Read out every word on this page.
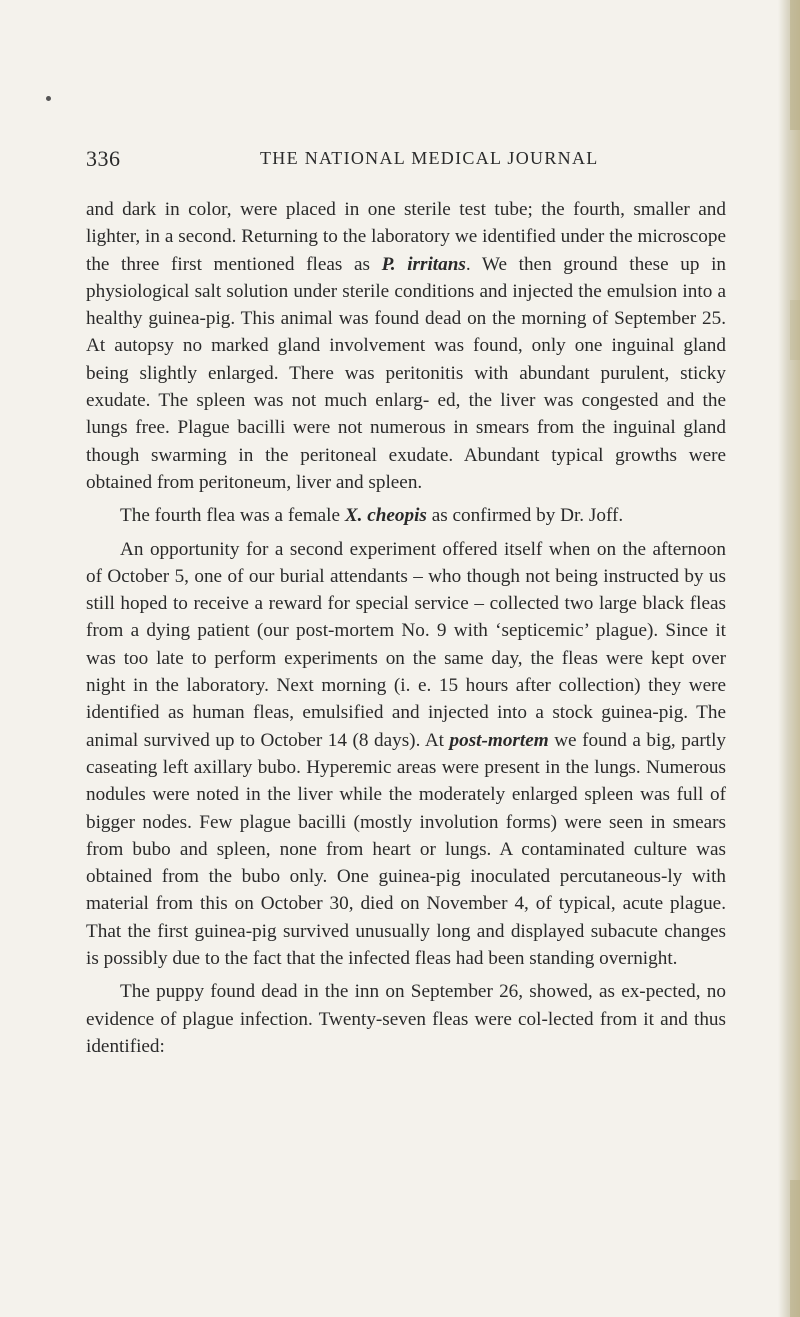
336	THE NATIONAL MEDICAL JOURNAL

and dark in color, were placed in one sterile test tube; the fourth, smaller and lighter, in a second. Returning to the laboratory we identified under the microscope the three first mentioned fleas as P. irritans. We then ground these up in physiological salt solution under sterile conditions and injected the emulsion into a healthy guinea-pig. This animal was found dead on the morning of September 25. At autopsy no marked gland involvement was found, only one inguinal gland being slightly enlarged. There was peritonitis with abundant purulent, sticky exudate. The spleen was not much enlarg- ed, the liver was congested and the lungs free. Plague bacilli were not numerous in smears from the inguinal gland though swarming in the peritoneal exudate. Abundant typical growths were obtained from peritoneum, liver and spleen.

The fourth flea was a female X. cheopis as confirmed by Dr. Joff.

An opportunity for a second experiment offered itself when on the afternoon of October 5, one of our burial attendants – who though not being instructed by us still hoped to receive a reward for special service – collected two large black fleas from a dying patient (our post-mortem No. 9 with ‘septicemic’ plague). Since it was too late to perform experiments on the same day, the fleas were kept over night in the laboratory. Next morning (i. e. 15 hours after collection) they were identified as human fleas, emulsified and injected into a stock guinea-pig. The animal survived up to October 14 (8 days). At post-mortem we found a big, partly caseating left axillary bubo. Hyperemic areas were present in the lungs. Numerous nodules were noted in the liver while the moderately enlarged spleen was full of bigger nodes. Few plague bacilli (mostly involution forms) were seen in smears from bubo and spleen, none from heart or lungs. A contaminated culture was obtained from the bubo only. One guinea-pig inoculated percutaneous-ly with material from this on October 30, died on November 4, of typical, acute plague. That the first guinea-pig survived unusually long and displayed subacute changes is possibly due to the fact that the infected fleas had been standing overnight.

The puppy found dead in the inn on September 26, showed, as ex-pected, no evidence of plague infection. Twenty-seven fleas were col-lected from it and thus identified:
